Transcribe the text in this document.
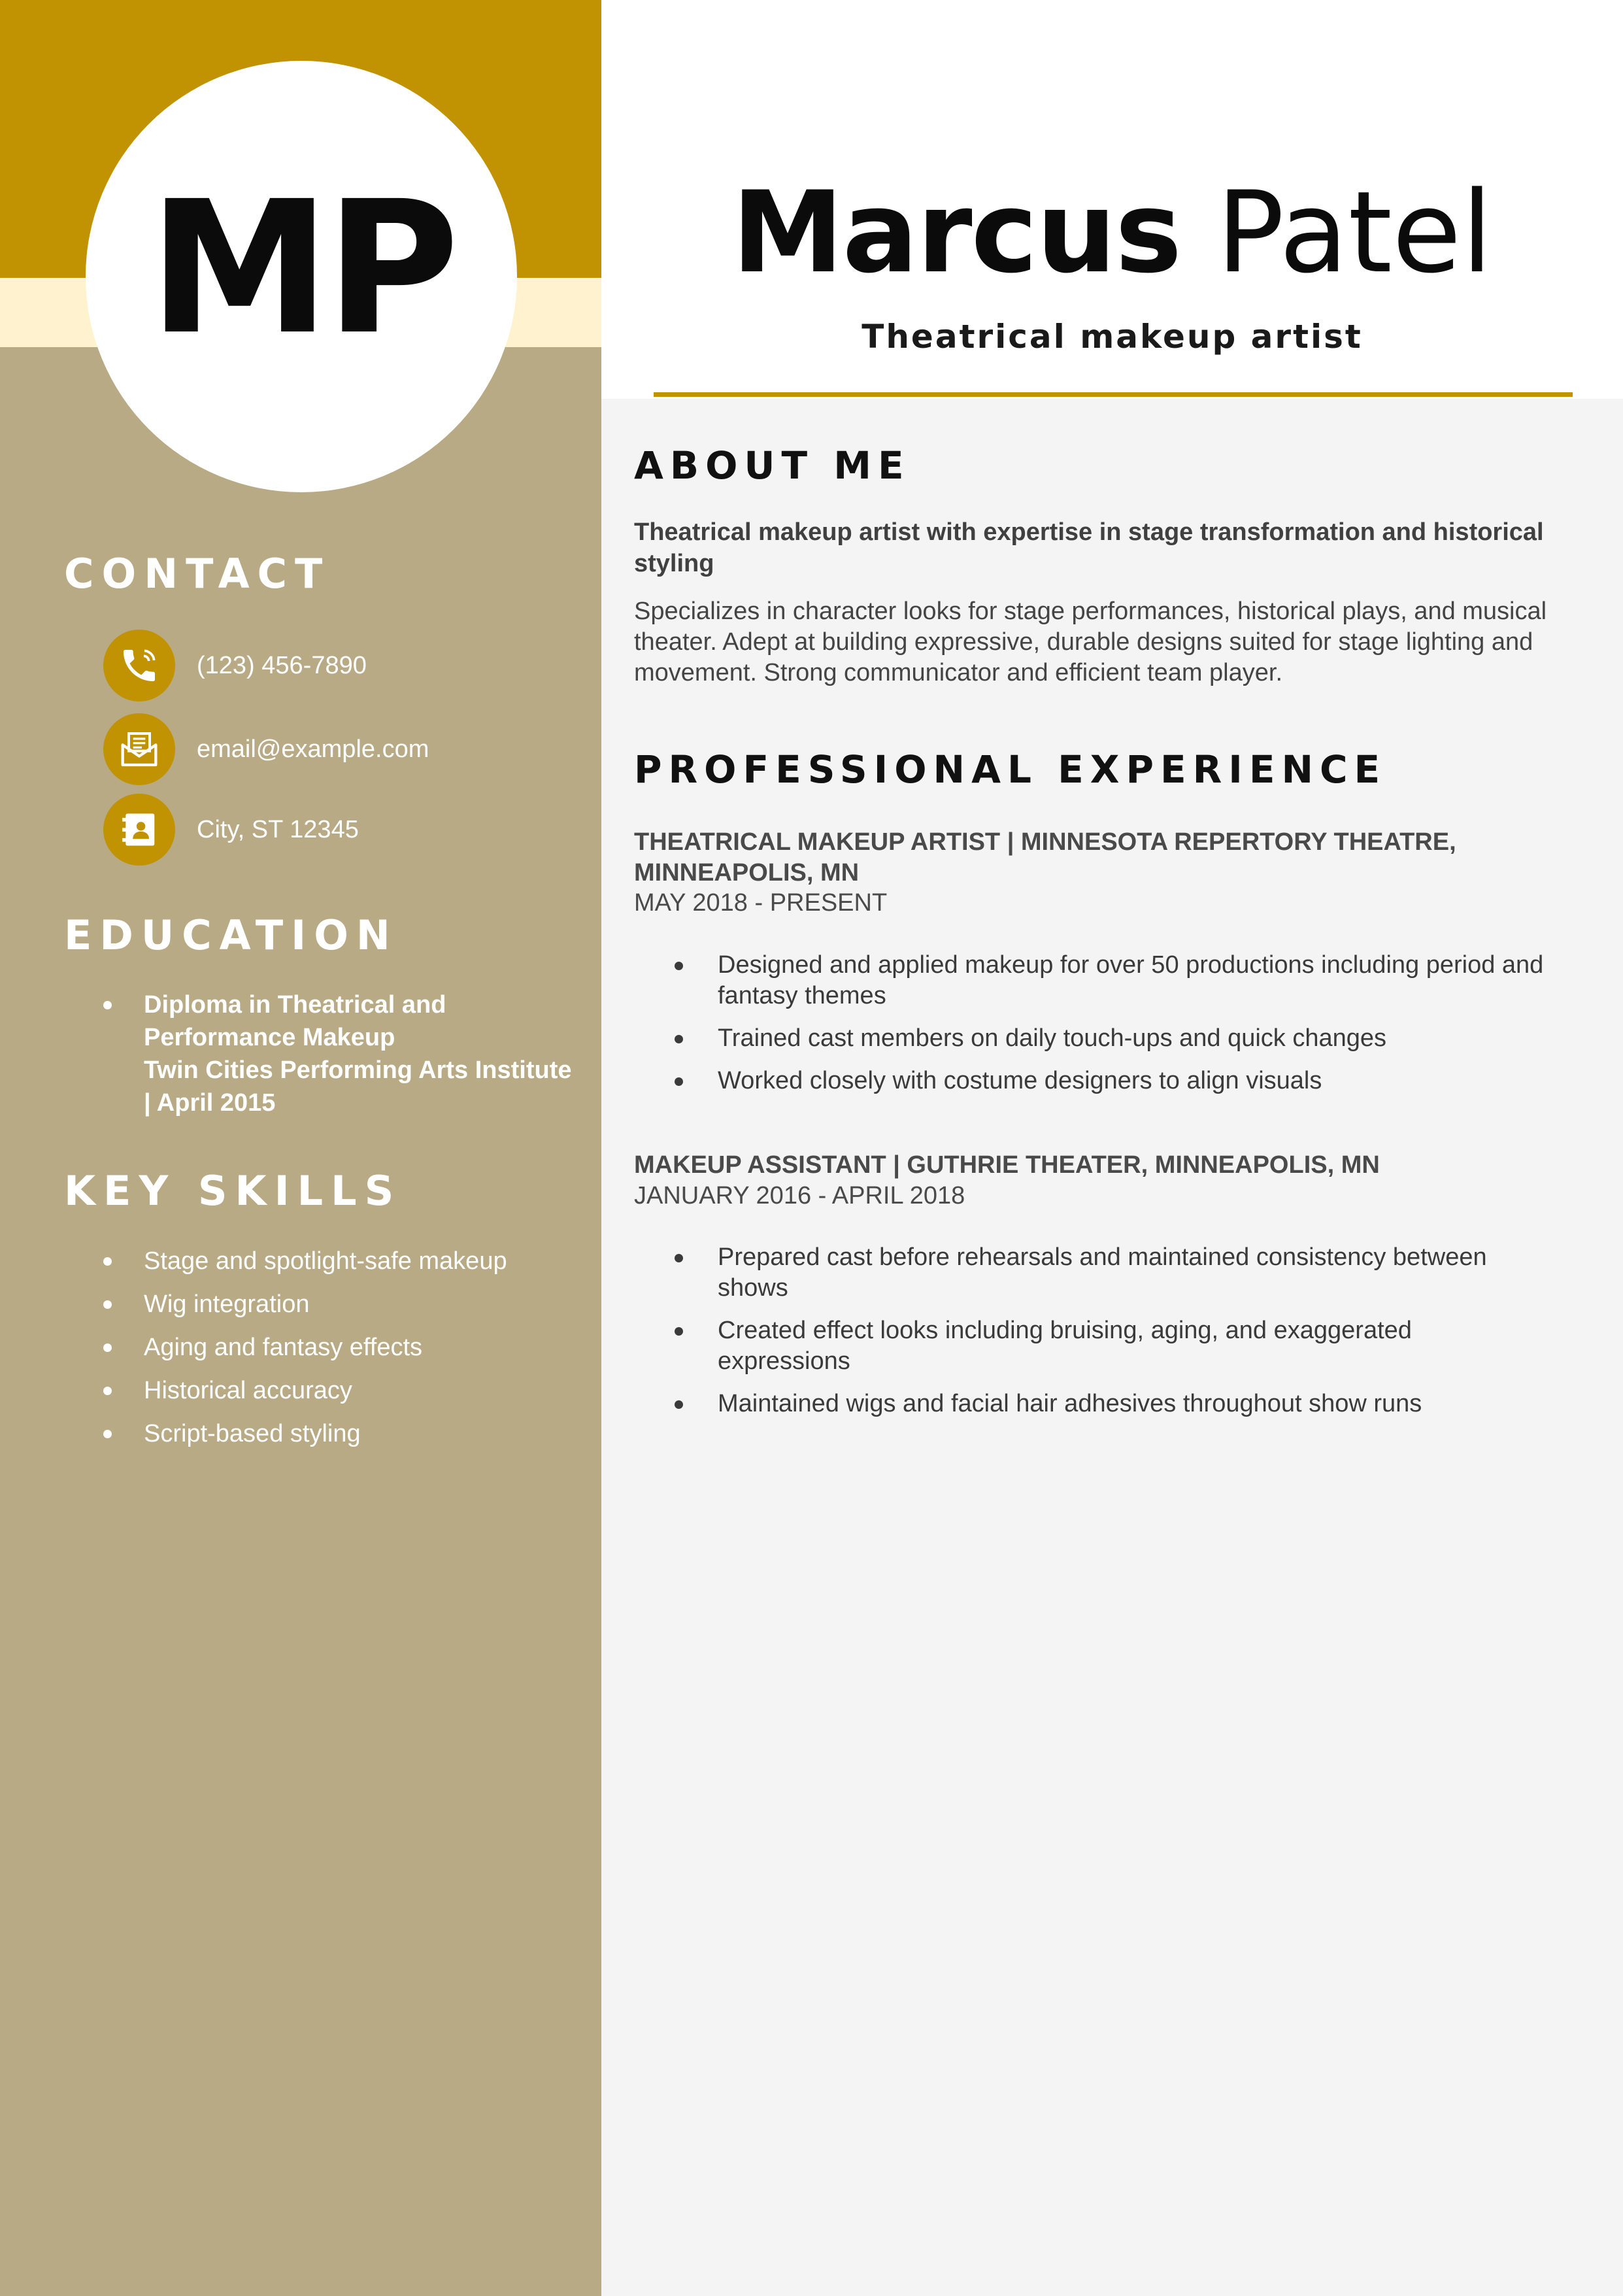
MP
CONTACT
(123) 456-7890
email@example.com
City, ST 12345
EDUCATION
Diploma in Theatrical and Performance Makeup
Twin Cities Performing Arts Institute | April 2015
KEY SKILLS
Stage and spotlight-safe makeup
Wig integration
Aging and fantasy effects
Historical accuracy
Script-based styling
Marcus Patel
Theatrical makeup artist
ABOUT ME
Theatrical makeup artist with expertise in stage transformation and historical styling
Specializes in character looks for stage performances, historical plays, and musical theater. Adept at building expressive, durable designs suited for stage lighting and movement. Strong communicator and efficient team player.
PROFESSIONAL EXPERIENCE
THEATRICAL MAKEUP ARTIST | MINNESOTA REPERTORY THEATRE, MINNEAPOLIS, MN
MAY 2018 - PRESENT
Designed and applied makeup for over 50 productions including period and fantasy themes
Trained cast members on daily touch-ups and quick changes
Worked closely with costume designers to align visuals
MAKEUP ASSISTANT | GUTHRIE THEATER, MINNEAPOLIS, MN
JANUARY 2016 - APRIL 2018
Prepared cast before rehearsals and maintained consistency between shows
Created effect looks including bruising, aging, and exaggerated expressions
Maintained wigs and facial hair adhesives throughout show runs
